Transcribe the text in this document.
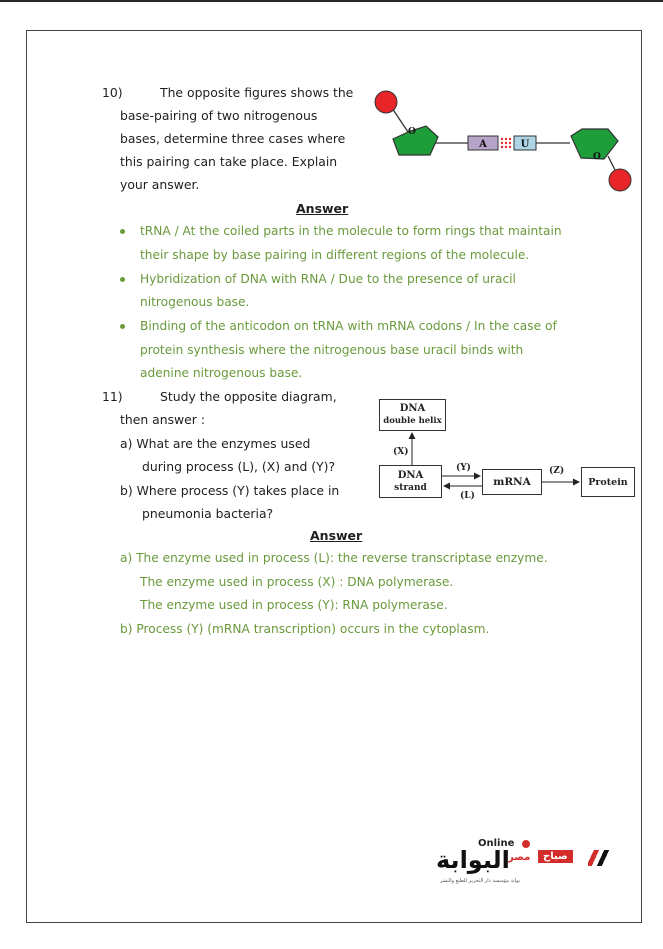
10)	The opposite figures shows the
base-pairing of two nitrogenous
bases, determine three cases where
this pairing can take place. Explain
your answer.
O
A	U
O
Answer
tRNA / At the coiled parts in the molecule to form rings that maintain
their shape by base pairing in different regions of the molecule.
Hybridization of DNA with RNA / Due to the presence of uracil
nitrogenous base.
Binding of the anticodon on tRNA with mRNA codons / In the case of
protein synthesis where the nitrogenous base uracil binds with
adenine nitrogenous base.
11)	Study the opposite diagram,
then answer :
a) What are the enzymes used
during process (L), (X) and (Y)?
b) Where process (Y) takes place in
pneumonia bacteria?
DNA
double helix
DNA
strand	mRNA	Protein
(X)
(Y)
(L)
(Z)
Answer
a) The enzyme used in process (L): the reverse transcriptase enzyme.
The enzyme used in process (X) : DNA polymerase.
The enzyme used in process (Y): RNA polymerase.
b) Process (Y) (mRNA transcription) occurs in the cytoplasm.
Online
البوابة
مصر	صباح
بوابة مؤسسة دار التحرير للطبع والنشر
